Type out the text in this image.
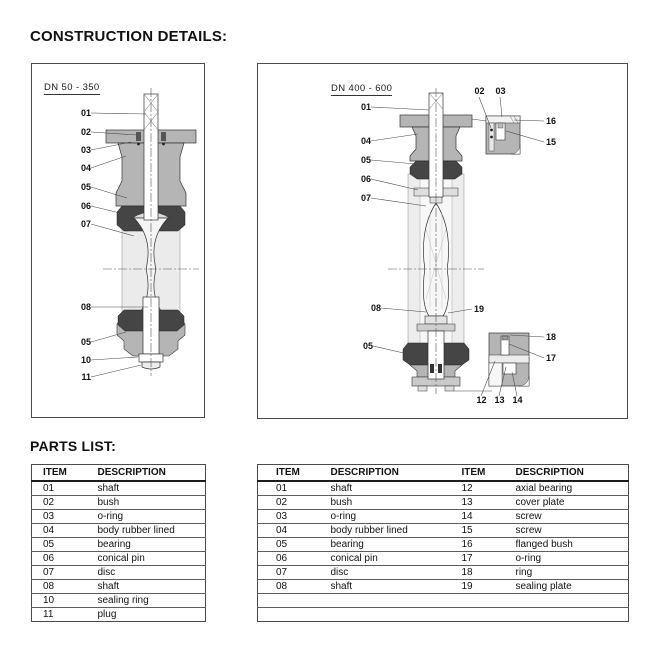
CONSTRUCTION DETAILS:
DN 50 - 350
01
02
03
04
05
06
07
08
05
10
11
DN 400 - 600
01
04
05
06
07
08
05
19
02	03
16
15
18
17
12 13 14
PARTS LIST:
ITEM	DESCRIPTION
01	shaft
02	bush
03	o-ring
04	body rubber lined
05	bearing
06	conical pin
07	disc
08	shaft
10	sealing ring
11	plug
ITEM	DESCRIPTION	ITEM	DESCRIPTION
01	shaft	12	axial bearing
02	bush	13	cover plate
03	o-ring	14	screw
04	body rubber lined	15	screw
05	bearing	16	flanged bush
06	conical pin	17	o-ring
07	disc	18	ring
08	shaft	19	sealing plate
